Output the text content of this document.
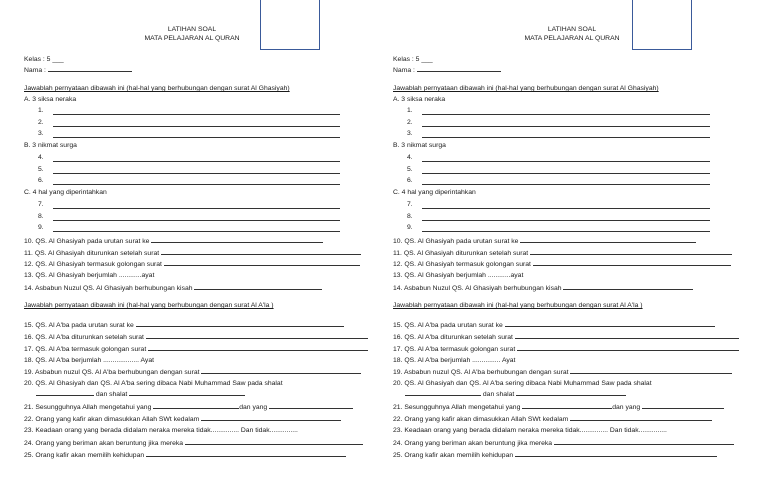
LATIHAN SOAL
MATA PELAJARAN AL QURAN
Kelas : 5 ___
Nama :
Jawablah pernyataan dibawah ini (hal-hal yang berhubungan dengan surat Al Ghasiyah)
A. 3 siksa neraka
1.
2.
3.
B. 3 nikmat surga
4.
5.
6.
C. 4 hal yang diperintahkan
7.
8.
9.
10. QS. Al Ghasiyah pada urutan surat ke
11. QS. Al Ghasiyah diturunkan setelah surat
12. QS. Al Ghasiyah termasuk golongan surat
13. QS. Al Ghasiyah berjumlah ............ayat
14. Asbabun Nuzul QS. Al Ghasiyah berhubungan kisah
Jawablah pernyataan dibawah ini (hal-hal yang berhubungan dengan surat Al A'la )
15. QS. Al A'ba pada urutan surat ke
16. QS. Al A'ba diturunkan setelah surat
17. QS. Al A'ba termasuk golongan surat
18. QS. Al A'ba berjumlah ................... Ayat
19. Asbabun nuzul QS. Al A'ba berhubungan dengan surat
20. QS. Al Ghasiyah dan QS. Al A'ba sering dibaca Nabi Muhammad Saw pada shalat
dan shalat
21. Sesungguhnya Allah mengetahui yang	dan yang
22. Orang yang kafir akan dimasukkan Allah SWt kedalam
23. Keadaan orang yang berada didalam neraka mereka tidak............... Dan tidak...............
24. Orang yang beriman akan beruntung jika mereka
25. Orang kafir akan memilih kehidupan
LATIHAN SOAL
MATA PELAJARAN AL QURAN
Kelas : 5 ___
Nama :
Jawablah pernyataan dibawah ini (hal-hal yang berhubungan dengan surat Al Ghasiyah)
A. 3 siksa neraka
1.
2.
3.
B. 3 nikmat surga
4.
5.
6.
C. 4 hal yang diperintahkan
7.
8.
9.
10. QS. Al Ghasiyah pada urutan surat ke
11. QS. Al Ghasiyah diturunkan setelah surat
12. QS. Al Ghasiyah termasuk golongan surat
13. QS. Al Ghasiyah berjumlah ............ayat
14. Asbabun Nuzul QS. Al Ghasiyah berhubungan kisah
Jawablah pernyataan dibawah ini (hal-hal yang berhubungan dengan surat Al A'la )
15. QS. Al A'ba pada urutan surat ke
16. QS. Al A'ba diturunkan setelah surat
17. QS. Al A'ba termasuk golongan surat
18. QS. Al A'ba berjumlah ............... Ayat
19. Asbabun nuzul QS. Al A'ba berhubungan dengan surat
20. QS. Al Ghasiyah dan QS. Al A'ba sering dibaca Nabi Muhammad Saw pada shalat
dan shalat
21. Sesungguhnya Allah mengetahui yang	dan yang
22. Orang yang kafir akan dimasukkan Allah SWt kedalam
23. Keadaan orang yang berada didalam neraka mereka tidak............... Dan tidak...............
24. Orang yang beriman akan beruntung jika mereka
25. Orang kafir akan memilih kehidupan
